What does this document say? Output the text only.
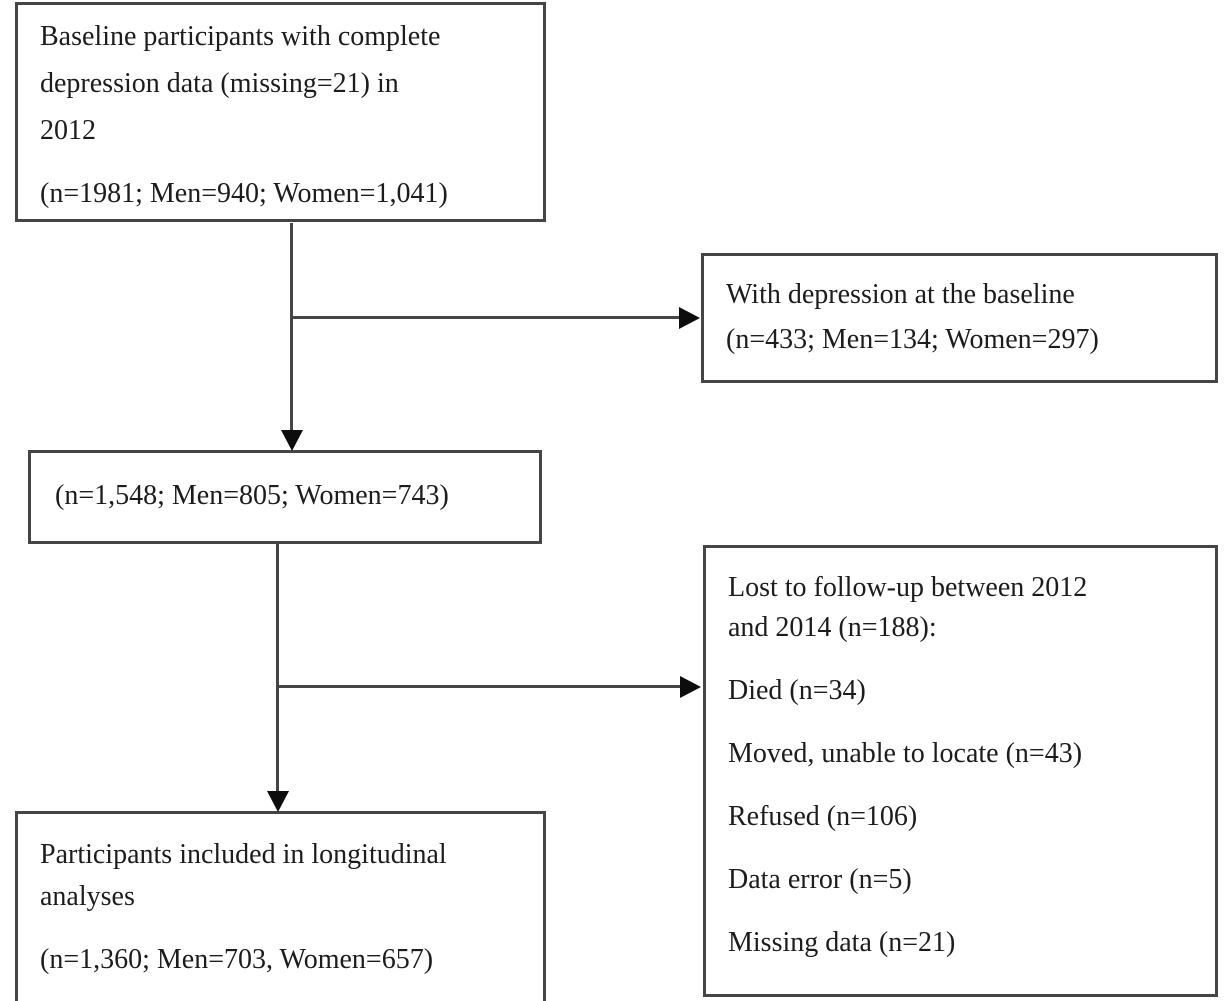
Baseline participants with complete
depression data (missing=21) in
2012
(n=1981; Men=940; Women=1,041)
With depression at the baseline
(n=433; Men=134; Women=297)
(n=1,548; Men=805; Women=743)
Lost to follow-up between 2012
and 2014 (n=188):
Died (n=34)
Moved, unable to locate (n=43)
Refused (n=106)
Data error (n=5)
Missing data (n=21)
Participants included in longitudinal
analyses
(n=1,360; Men=703, Women=657)
